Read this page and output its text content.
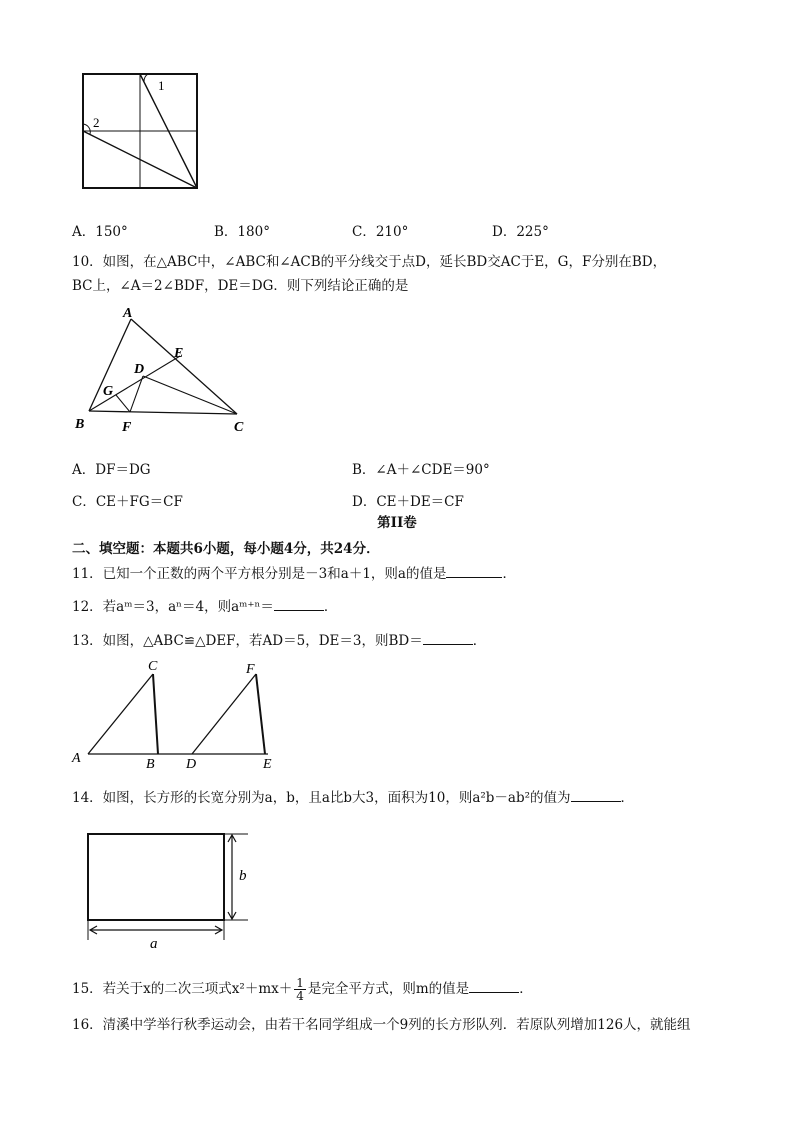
1
2
A．150°	B．180°	C．210°	D．225°
10．如图，在△ABC中，∠ABC和∠ACB的平分线交于点D，延长BD交AC于E，G，F分别在BD，
BC上，∠A＝2∠BDF，DE＝DG．则下列结论正确的是
A
E
D
G
B	F	C
A．DF＝DG	B．∠A＋∠CDE＝90°
C．CE＋FG＝CF	D．CE＋DE＝CF
第II卷
二、填空题：本题共6小题，每小题4分，共24分．
11．已知一个正数的两个平方根分别是－3和a＋1，则a的值是	．
12．若aᵐ＝3，aⁿ＝4，则aᵐ⁺ⁿ＝	．
13．如图，△ABC≌△DEF，若AD＝5，DE＝3，则BD＝	．
C	F
A	B D	E
14．如图，长方形的长宽分别为a，b，且a比b大3，面积为10，则a²b－ab²的值为	．
b
a
15．若关于x的二次三项式$x^2+mx+ \frac{1}{4}$ 是完全平方式，则m的值是	．
16．清溪中学举行秋季运动会，由若干名同学组成一个9列的长方形队列．若原队列增加126人，就能组
